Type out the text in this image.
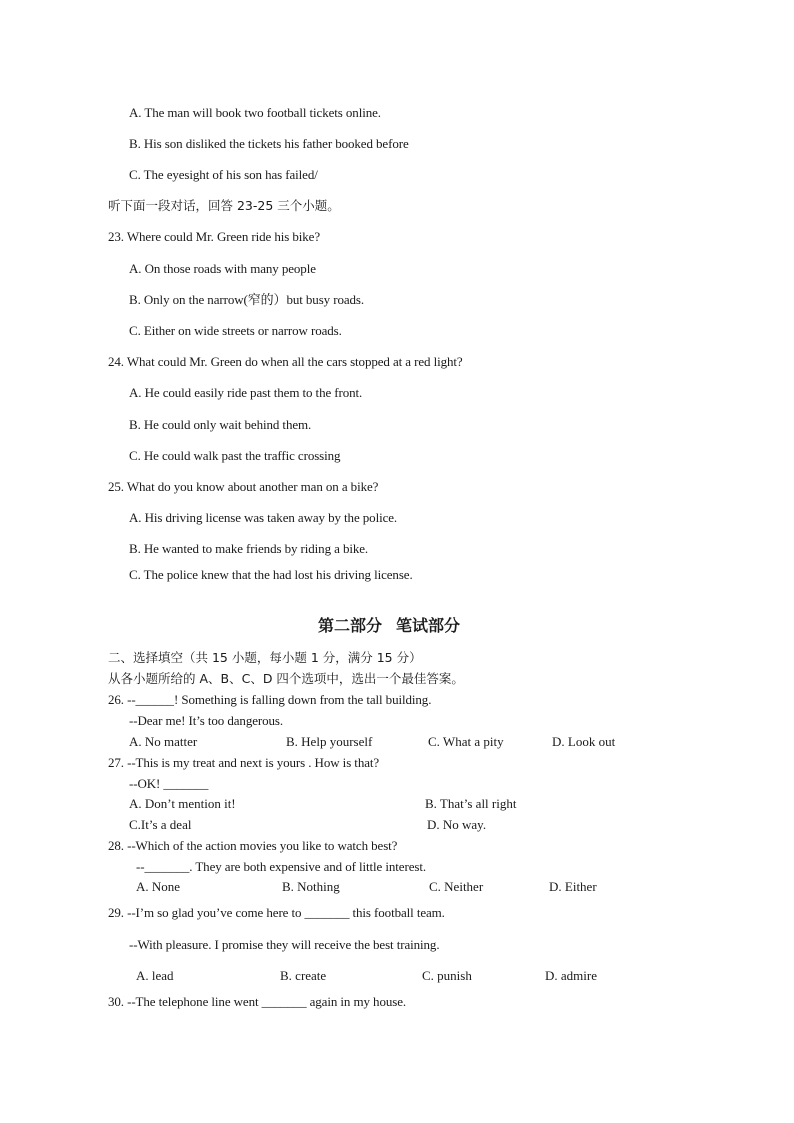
A. The man will book two football tickets online.
B. His son disliked the tickets his father booked before
C. The eyesight of his son has failed/
听下面一段对话，回答 23-25 三个小题。
23. Where could Mr. Green ride his bike?
A. On those roads with many people
B. Only on the narrow(窄的）but busy roads.
C. Either on wide streets or narrow roads.
24. What could Mr. Green do when all the cars stopped at a red light?
A. He could easily ride past them to the front.
B. He could only wait behind them.
C. He could walk past the traffic crossing
25. What do you know about another man on a bike?
A. His driving license was taken away by the police.
B. He wanted to make friends by riding a bike.
C. The police knew that the had lost his driving license.
第二部分 笔试部分
二、选择填空（共 15 小题，每小题 1 分，满分 15 分）
从各小题所给的 A、B、C、D 四个选项中，选出一个最佳答案。
26. --______! Something is falling down from the tall building.
--Dear me! It’s too dangerous.
A. No matter	B. Help yourself	C. What a pity	D. Look out
27. --This is my treat and next is yours . How is that?
--OK! _______
A. Don’t mention it!	B. That’s all right
C.It’s a deal	D. No way.
28. --Which of the action movies you like to watch best?
--_______. They are both expensive and of little interest.
A. None	B. Nothing	C. Neither	D. Either
29. --I’m so glad you’ve come here to _______ this football team.
--With pleasure. I promise they will receive the best training.
A. lead	B. create	C. punish	D. admire
30. --The telephone line went _______ again in my house.
